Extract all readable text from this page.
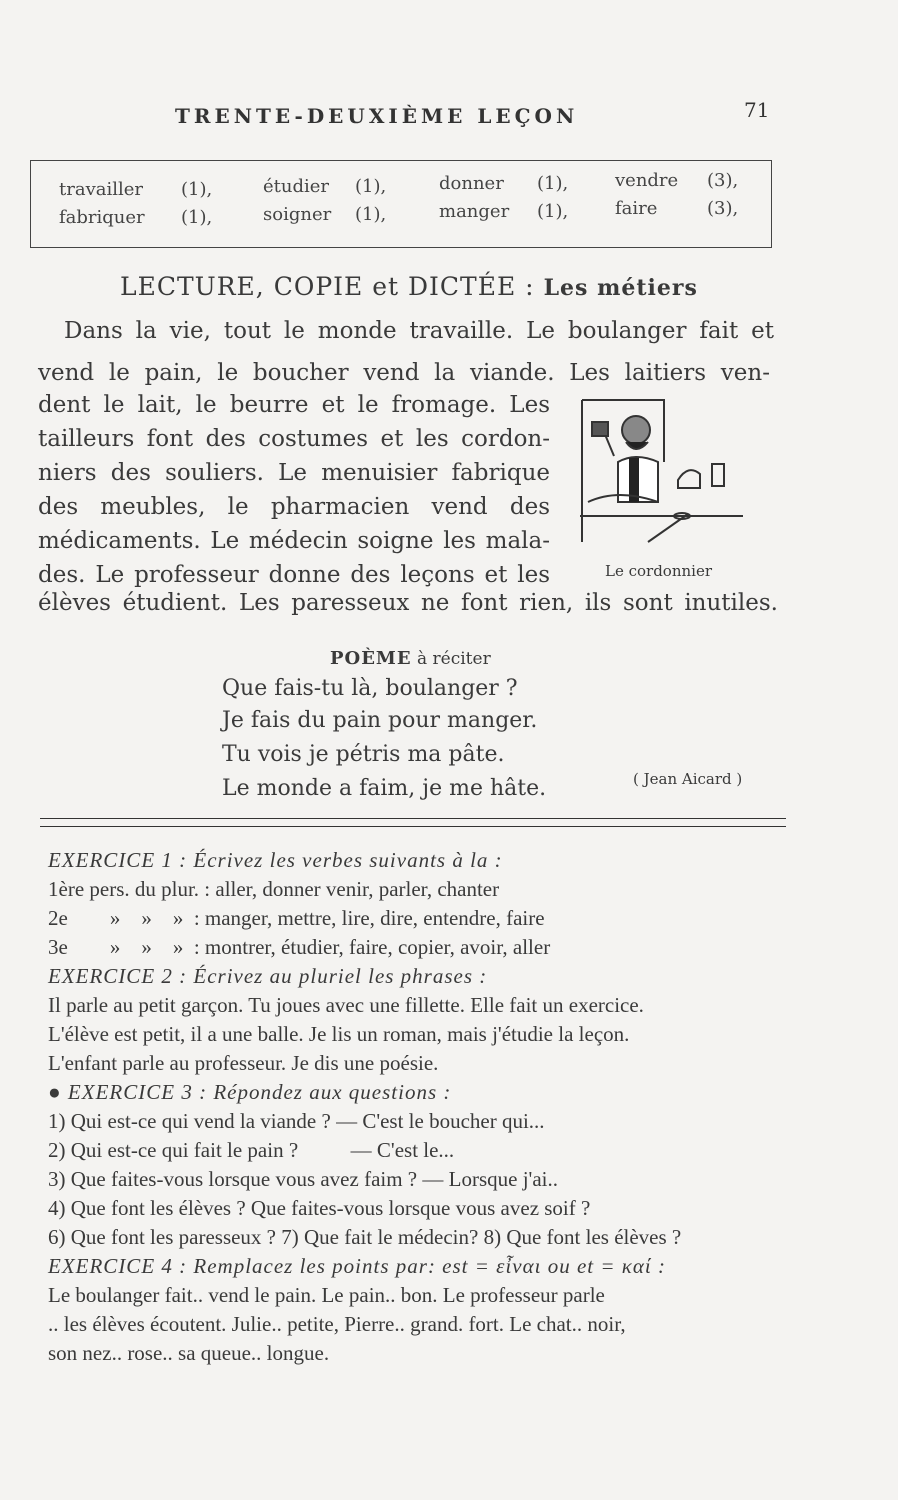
TRENTE-DEUXIÈME LEÇON	71
travailler (1),	étudier (1),	donner (1),	vendre (3),
fabriquer (1),	soigner (1),	manger (1),	faire	(3),
LECTURE, COPIE et DICTÉE : Les métiers
Dans la vie, tout le monde travaille. Le boulanger fait et
vend le pain, le boucher vend la viande. Les laitiers ven-
dent le lait, le beurre et le fromage. Les
tailleurs font des costumes et les cordon-
niers des souliers. Le menuisier fabrique
des meubles, le pharmacien vend des
médicaments. Le médecin soigne les mala-
des. Le professeur donne des leçons et les
élèves étudient. Les paresseux ne font rien, ils sont inutiles.
Le cordonnier
POÈME à réciter
Que fais-tu là, boulanger ?
Je fais du pain pour manger.
Tu vois je pétris ma pâte.
Le monde a faim, je me hâte.	( Jean Aicard )
EXERCICE 1 : Écrivez les verbes suivants à la :
1ère pers. du plur. : aller, donner venir, parler, chanter
2e        »    »    »  : manger, mettre, lire, dire, entendre, faire
3e        »    »    »  : montrer, étudier, faire, copier, avoir, aller
EXERCICE 2 : Écrivez au pluriel les phrases :
Il parle au petit garçon. Tu joues avec une fillette. Elle fait un exercice.
L'élève est petit, il a une balle. Je lis un roman, mais j'étudie la leçon.
L'enfant parle au professeur. Je dis une poésie.
● EXERCICE 3 : Répondez aux questions :
1) Qui est-ce qui vend la viande ? — C'est le boucher qui...
2) Qui est-ce qui fait le pain ?          — C'est le...
3) Que faites-vous lorsque vous avez faim ? — Lorsque j'ai..
4) Que font les élèves ? Que faites-vous lorsque vous avez soif ?
6) Que font les paresseux ? 7) Que fait le médecin? 8) Que font les élèves ?
EXERCICE 4 : Remplacez les points par: est = εἶναι ou et = καί :
Le boulanger fait.. vend le pain. Le pain.. bon. Le professeur parle
.. les élèves écoutent. Julie.. petite, Pierre.. grand. fort. Le chat.. noir,
son nez.. rose.. sa queue.. longue.
